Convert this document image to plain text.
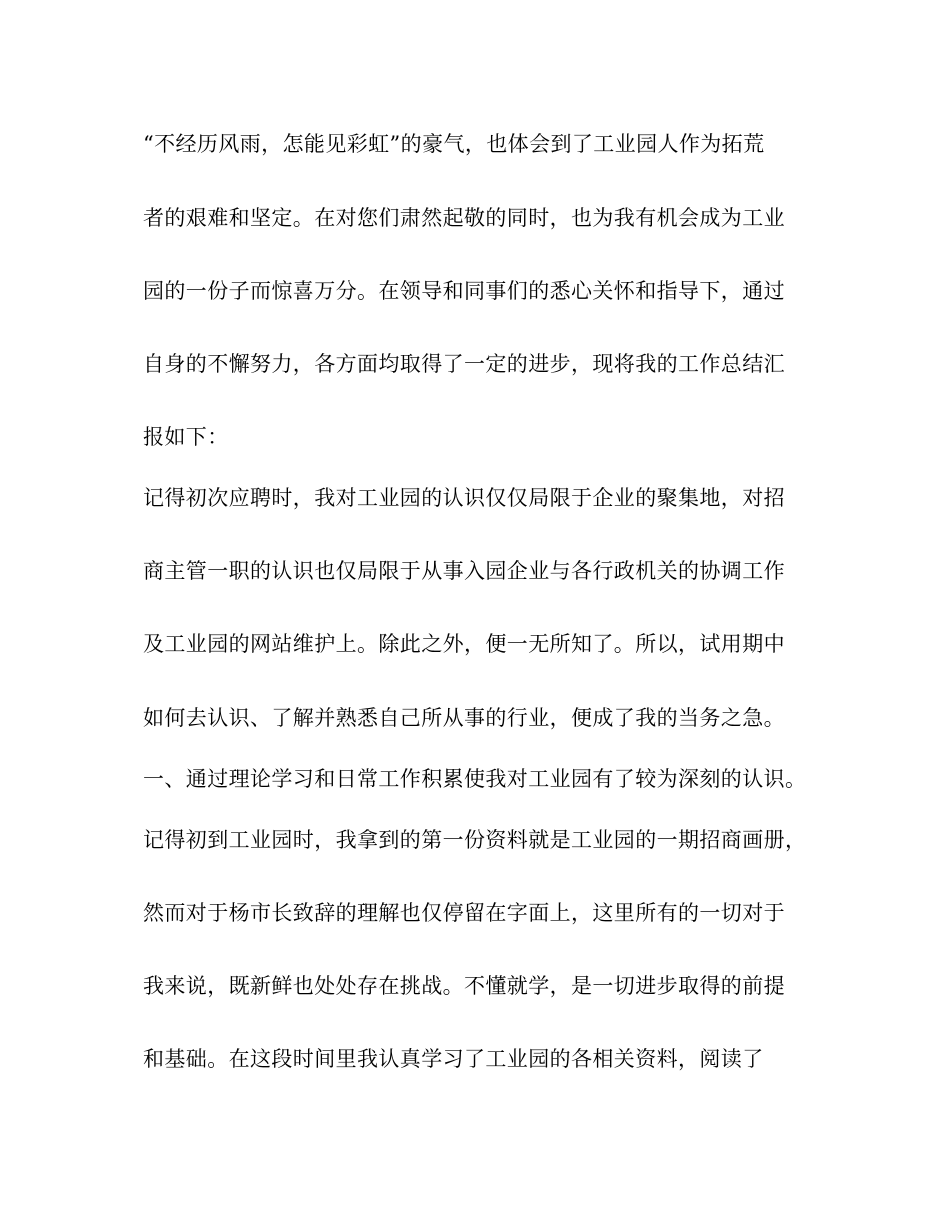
“不经历风雨，怎能见彩虹”的豪气，也体会到了工业园人作为拓荒
者的艰难和坚定。在对您们肃然起敬的同时，也为我有机会成为工业
园的一份子而惊喜万分。在领导和同事们的悉心关怀和指导下，通过
自身的不懈努力，各方面均取得了一定的进步，现将我的工作总结汇
报如下：
记得初次应聘时，我对工业园的认识仅仅局限于企业的聚集地，对招
商主管一职的认识也仅局限于从事入园企业与各行政机关的协调工作
及工业园的网站维护上。除此之外，便一无所知了。所以，试用期中
如何去认识、了解并熟悉自己所从事的行业，便成了我的当务之急。
一、通过理论学习和日常工作积累使我对工业园有了较为深刻的认识。
记得初到工业园时，我拿到的第一份资料就是工业园的一期招商画册，
然而对于杨市长致辞的理解也仅停留在字面上，这里所有的一切对于
我来说，既新鲜也处处存在挑战。不懂就学，是一切进步取得的前提
和基础。在这段时间里我认真学习了工业园的各相关资料，阅读了
